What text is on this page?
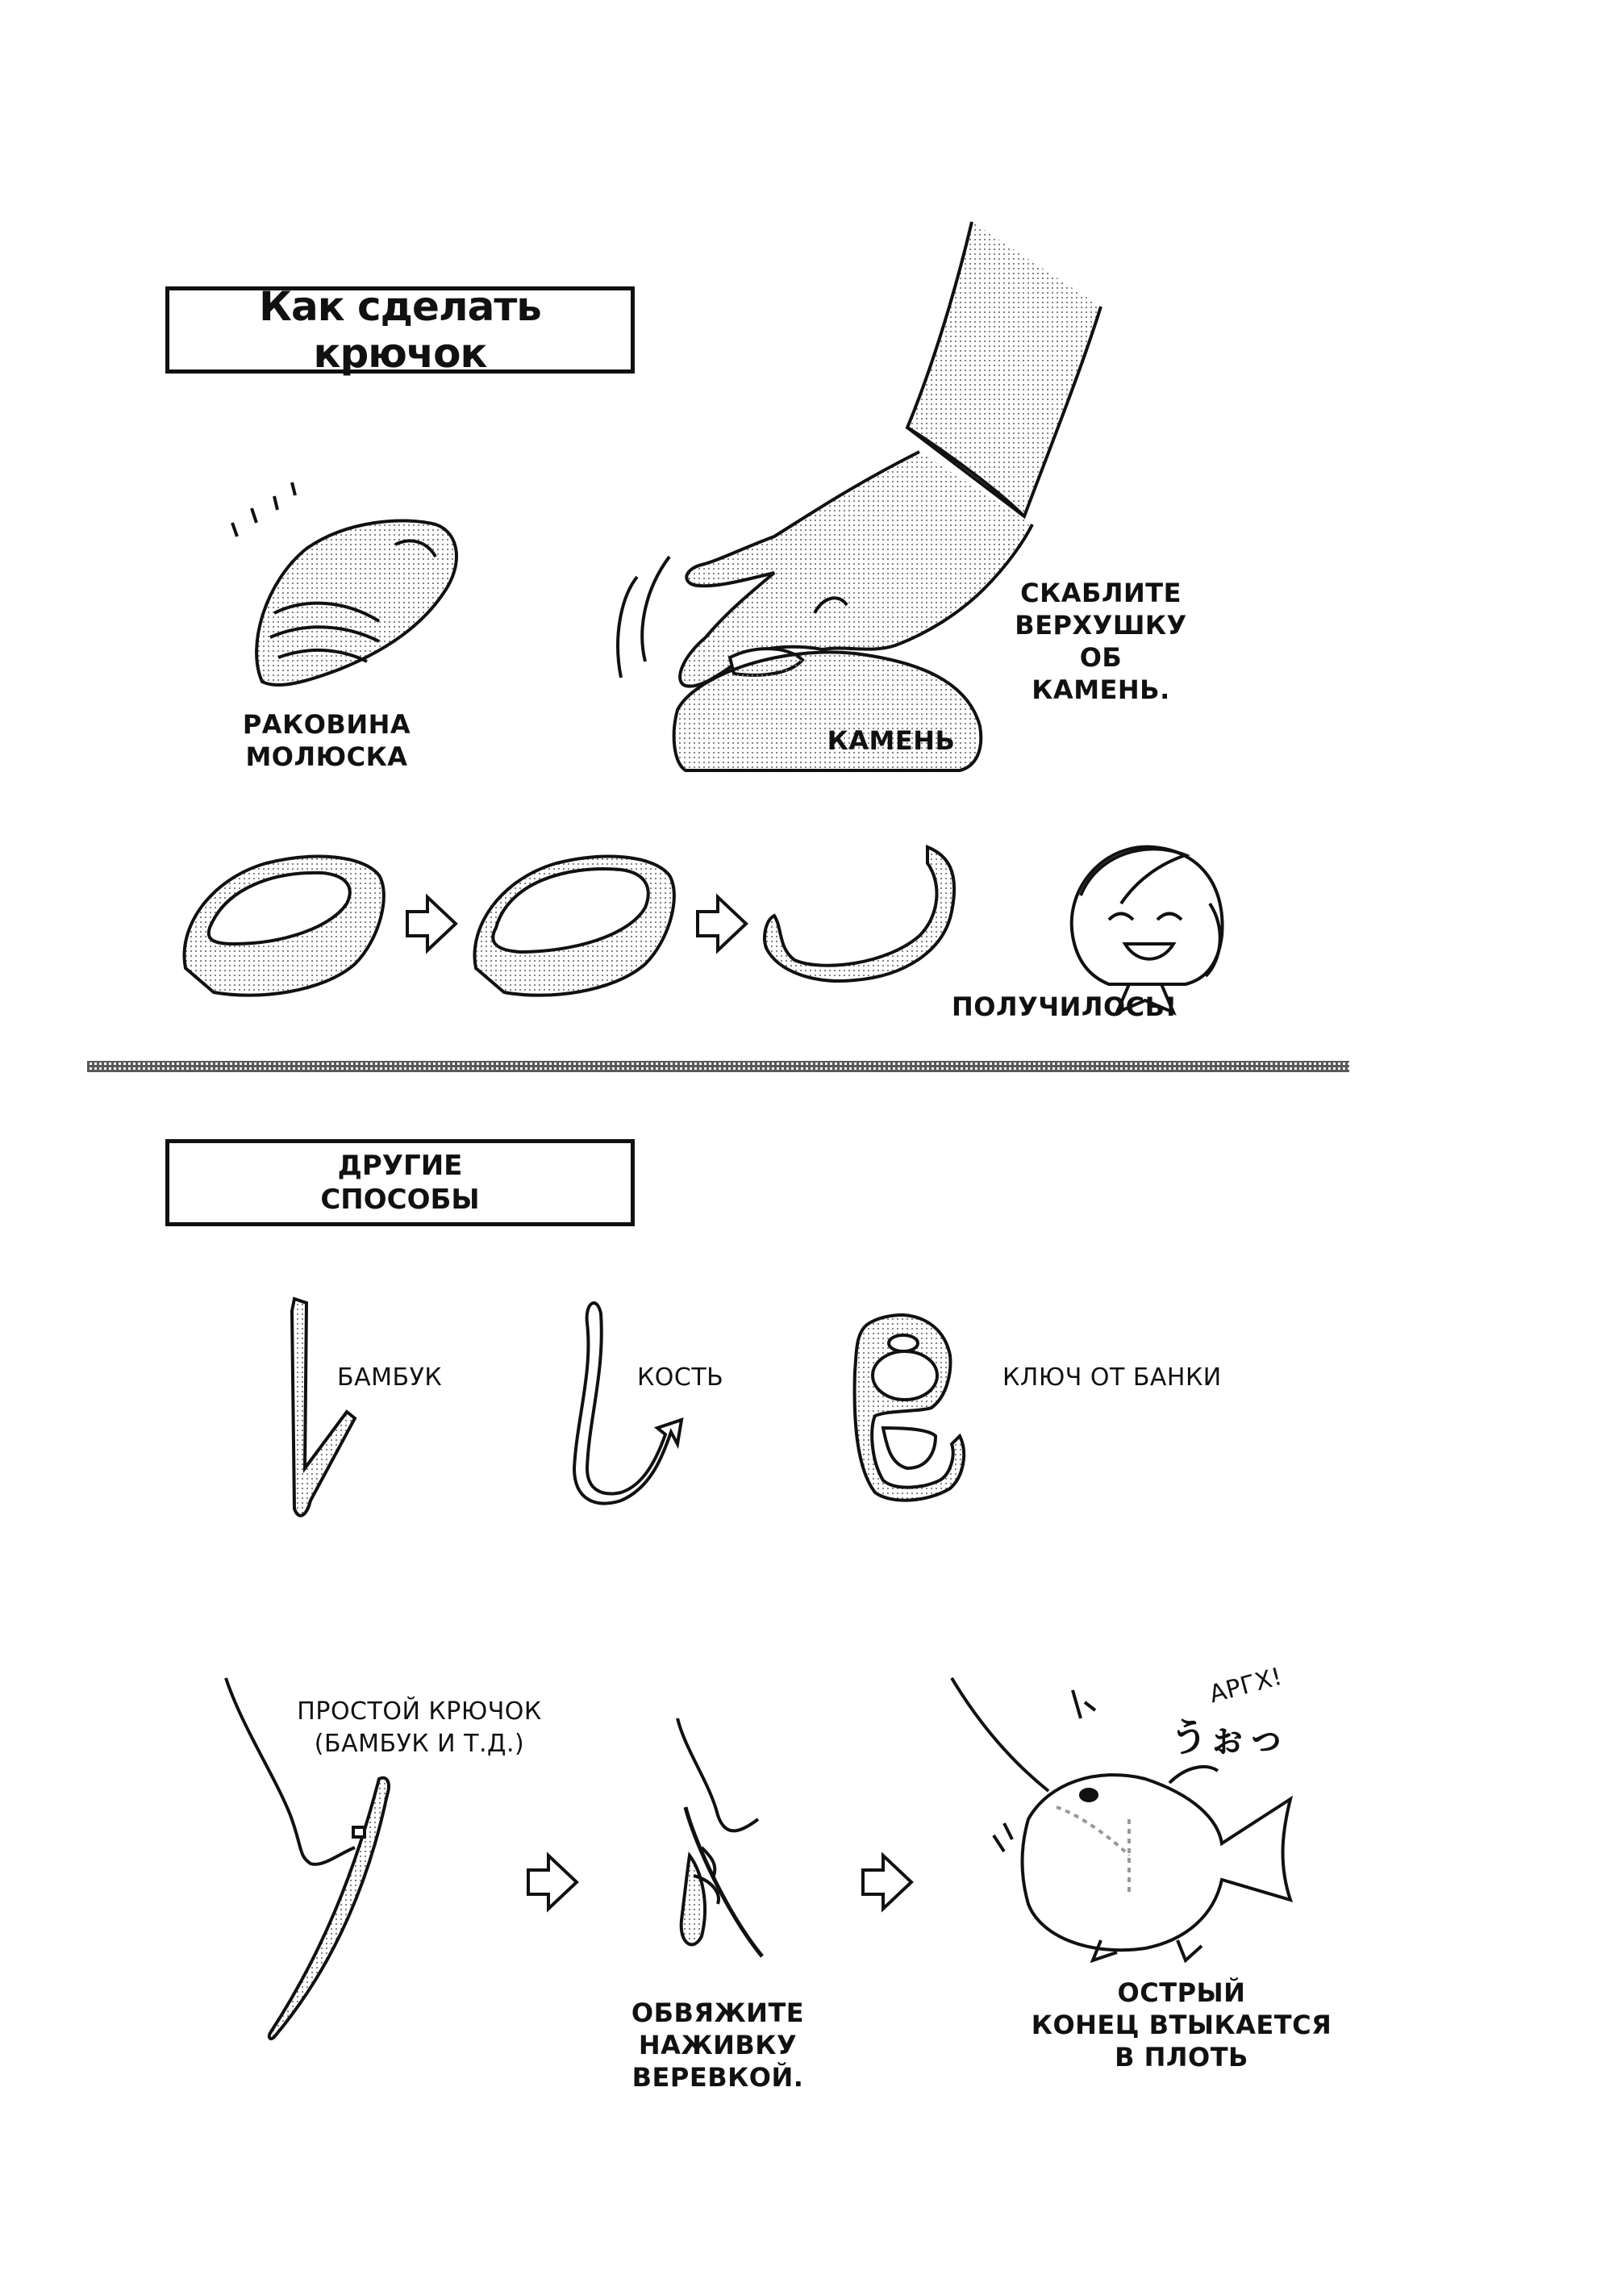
Как сделать крючок
РАКОВИНА
МОЛЮСКА
СКАБЛИТЕ
ВЕРХУШКУ ОБ
КАМЕНЬ.
КАМЕНЬ
ПОЛУЧИЛОСЬ!
ДРУГИЕ
СПОСОБЫ
БАМБУК	КОСТЬ	КЛЮЧ ОТ БАНКИ
ПРОСТОЙ КРЮЧОК
(БАМБУК И Т.Д.)
ОБВЯЖИТЕ
НАЖИВКУ ВЕРЕВКОЙ.
ОСТРЫЙ
КОНЕЦ ВТЫКАЕТСЯ
В ПЛОТЬ
АРГХ!
うぉっ
